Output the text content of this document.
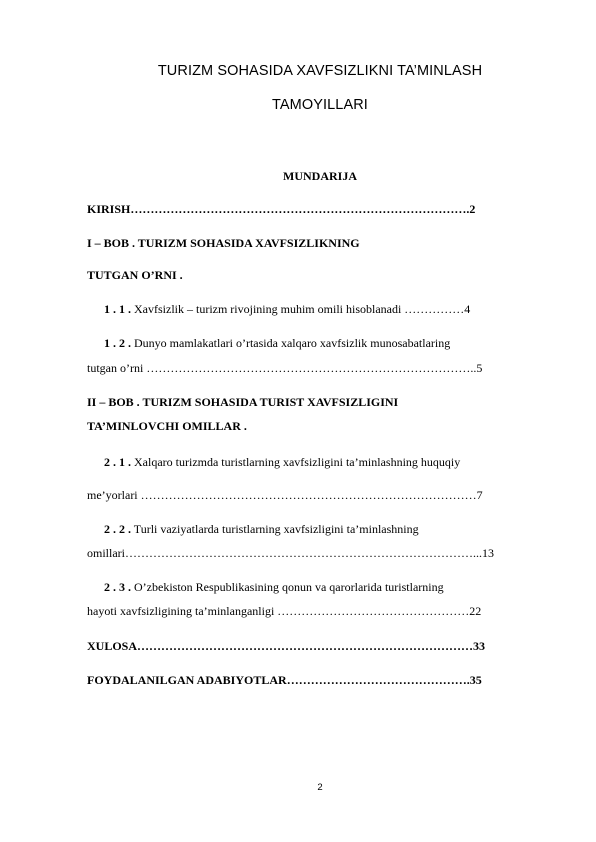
TURIZM SOHASIDA XAVFSIZLIKNI TA’MINLASH
TAMOYILLARI
MUNDARIJA
KIRISH………………………………………………………………………….2
I – BOB . TURIZM SOHASIDA XAVFSIZLIKNING
TUTGAN O’RNI .
1 . 1 . Xavfsizlik – turizm rivojining muhim omili hisoblanadi ……………4
1 . 2 . Dunyo mamlakatlari o’rtasida xalqaro xavfsizlik munosabatlaring
tutgan o’rni ………………………………………………………………………..5
II – BOB . TURIZM SOHASIDA TURIST XAVFSIZLIGINI
TA’MINLOVCHI OMILLAR .
2 . 1 . Xalqaro turizmda turistlarning xavfsizligini ta’minlashning huquqiy
me’yorlari …………………………………………………………………………7
2 . 2 . Turli vaziyatlarda turistlarning xavfsizligini ta’minlashning
omillari……………………………………………………………………………...13
2 . 3 . O’zbekiston Respublikasining qonun va qarorlarida turistlarning
hayoti xavfsizligining ta’minlanganligi …………………………………………22
XULOSA…………………………………………………………………………33
FOYDALANILGAN ADABIYOTLAR……………………………………….35
2
